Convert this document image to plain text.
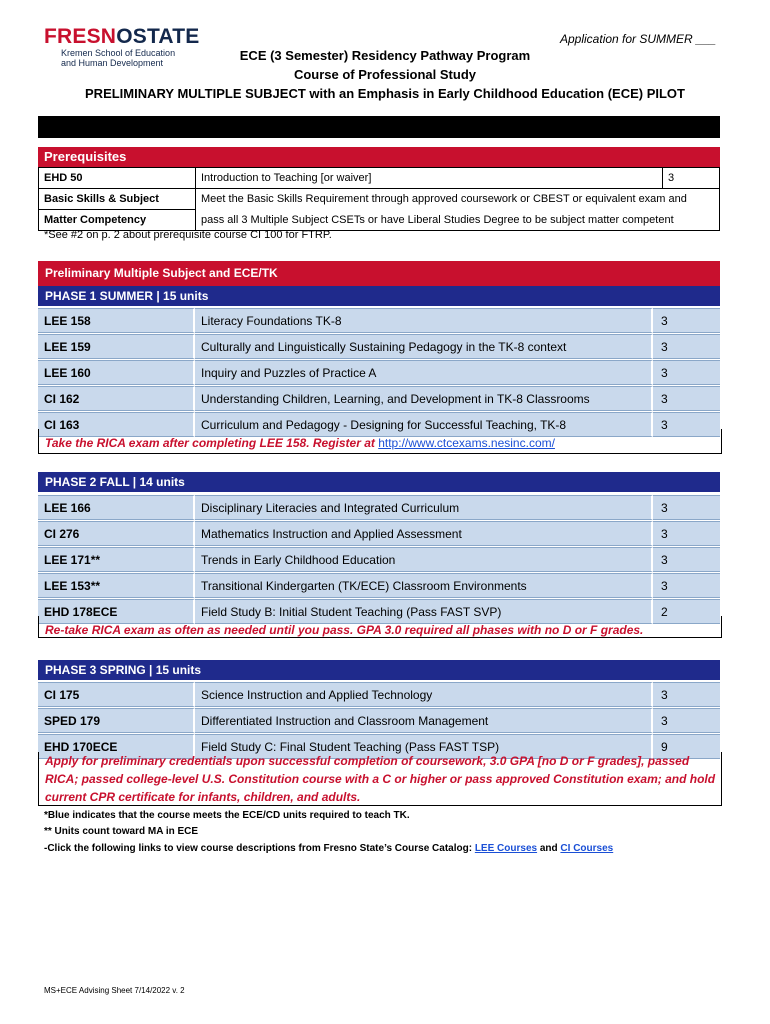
FRESNOSTATE
Kremen School of Education
and Human Development
Application for SUMMER ___
ECE (3 Semester) Residency Pathway Program
Course of Professional Study
PRELIMINARY MULTIPLE SUBJECT with an Emphasis in Early Childhood Education (ECE) PILOT
Prerequisites
EHD 50	Introduction to Teaching [or waiver]	3
Basic Skills & Subject	Meet the Basic Skills Requirement through approved coursework or CBEST or equivalent exam and	
Matter Competency	pass all 3 Multiple Subject CSETs or have Liberal Studies Degree to be subject matter competent	
*See #2 on p. 2 about prerequisite course CI 100 for FTRP.
Preliminary Multiple Subject and ECE/TK
PHASE 1 SUMMER | 15 units
LEE 158	Literacy Foundations TK-8	3
LEE 159	Culturally and Linguistically Sustaining Pedagogy in the TK-8 context	3
LEE 160	Inquiry and Puzzles of Practice A	3
CI 162	Understanding Children, Learning, and Development in TK-8 Classrooms	3
CI 163	Curriculum and Pedagogy - Designing for Successful Teaching, TK-8	3
Take the RICA exam after completing LEE 158. Register at http://www.ctcexams.nesinc.com/
PHASE 2 FALL | 14 units
LEE 166	Disciplinary Literacies and Integrated Curriculum	3
CI 276	Mathematics Instruction and Applied Assessment	3
LEE 171**	Trends in Early Childhood Education	3
LEE 153**	Transitional Kindergarten (TK/ECE) Classroom Environments	3
EHD 178ECE	Field Study B: Initial Student Teaching (Pass FAST SVP)	2
Re-take RICA exam as often as needed until you pass. GPA 3.0 required all phases with no D or F grades.
PHASE 3 SPRING | 15 units
CI 175	Science Instruction and Applied Technology	3
SPED 179	Differentiated Instruction and Classroom Management	3
EHD 170ECE	Field Study C: Final Student Teaching (Pass FAST TSP)	9
Apply for preliminary credentials upon successful completion of coursework, 3.0 GPA [no D or F grades], passed RICA; passed college-level U.S. Constitution course with a C or higher or pass approved Constitution exam; and hold current CPR certificate for infants, children, and adults.
*Blue indicates that the course meets the ECE/CD units required to teach TK.
** Units count toward MA in ECE
-Click the following links to view course descriptions from Fresno State’s Course Catalog: LEE Courses and CI Courses
MS+ECE Advising Sheet 7/14/2022 v. 2
